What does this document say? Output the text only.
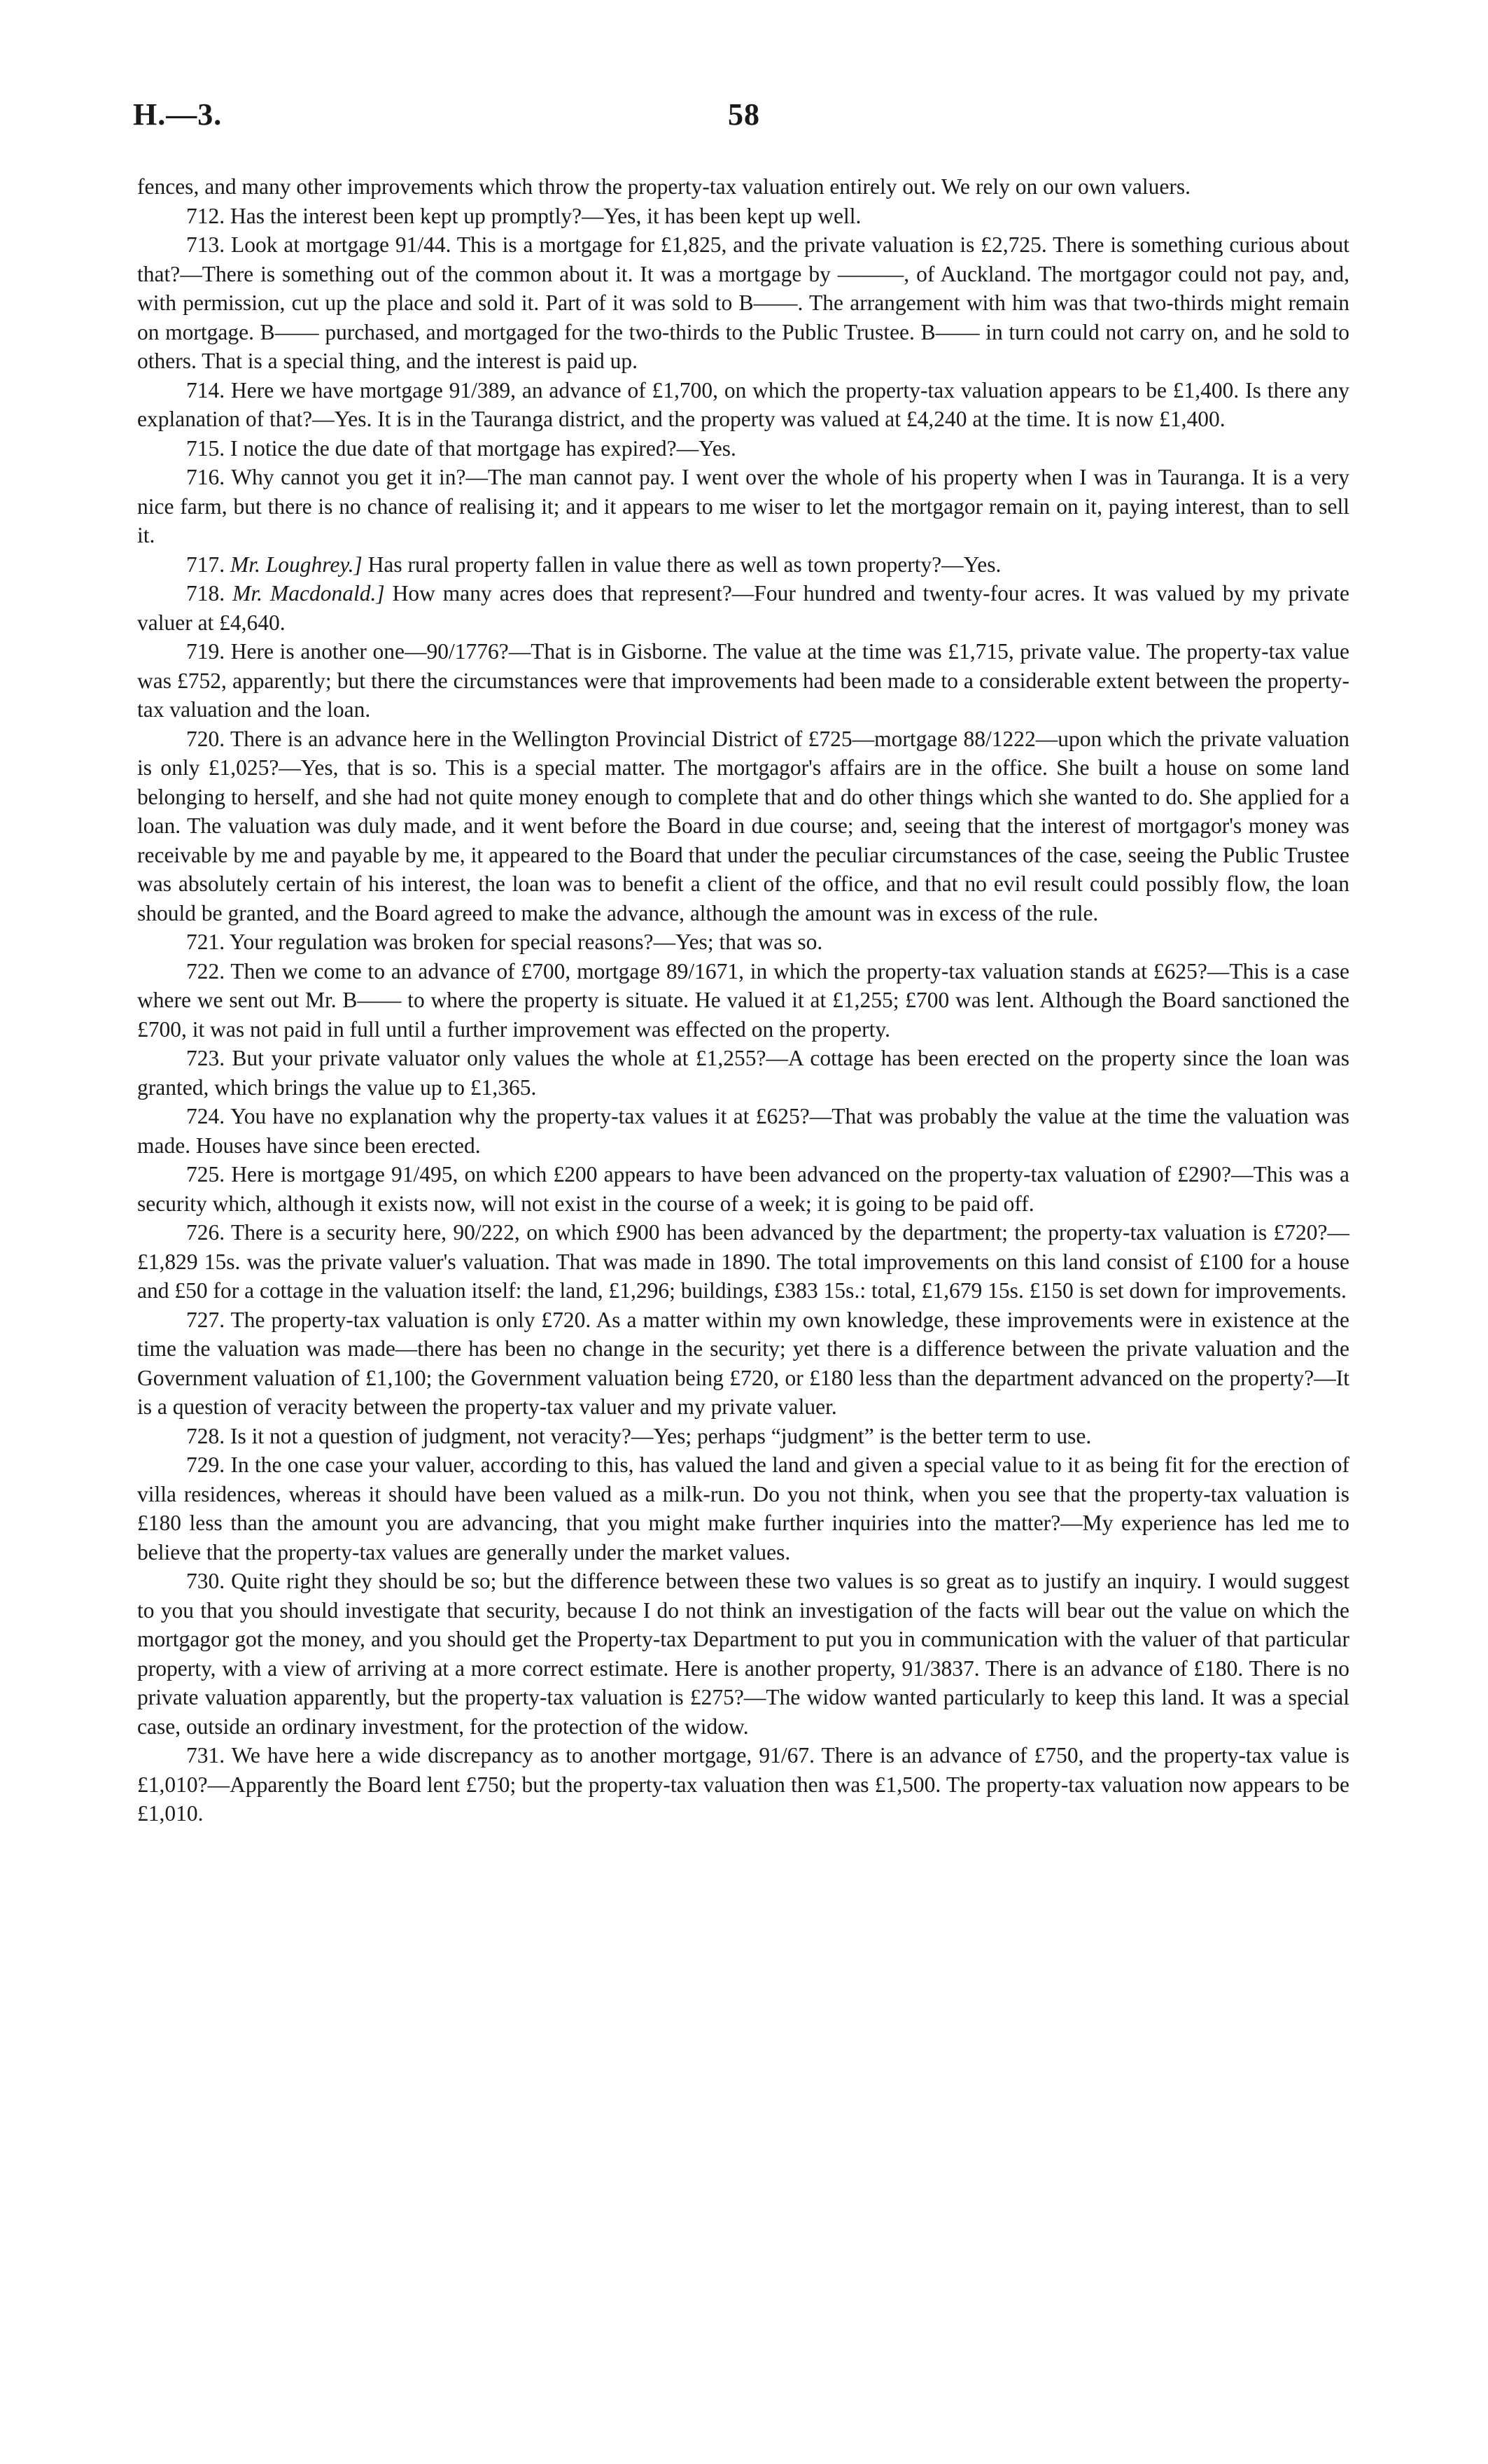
H.—3.	58

fences, and many other improvements which throw the property-tax valuation entirely out. We rely on our own valuers.

712. Has the interest been kept up promptly?—Yes, it has been kept up well.

713. Look at mortgage 91/44. This is a mortgage for £1,825, and the private valuation is £2,725. There is something curious about that?—There is something out of the common about it. It was a mortgage by ———, of Auckland. The mortgagor could not pay, and, with permission, cut up the place and sold it. Part of it was sold to B——. The arrangement with him was that two-thirds might remain on mortgage. B—— purchased, and mortgaged for the two-thirds to the Public Trustee. B—— in turn could not carry on, and he sold to others. That is a special thing, and the interest is paid up.

714. Here we have mortgage 91/389, an advance of £1,700, on which the property-tax valuation appears to be £1,400. Is there any explanation of that?—Yes. It is in the Tauranga district, and the property was valued at £4,240 at the time. It is now £1,400.

715. I notice the due date of that mortgage has expired?—Yes.

716. Why cannot you get it in?—The man cannot pay. I went over the whole of his property when I was in Tauranga. It is a very nice farm, but there is no chance of realising it; and it appears to me wiser to let the mortgagor remain on it, paying interest, than to sell it.

717. Mr. Loughrey.] Has rural property fallen in value there as well as town property?—Yes.

718. Mr. Macdonald.] How many acres does that represent?—Four hundred and twenty-four acres. It was valued by my private valuer at £4,640.

719. Here is another one—90/1776?—That is in Gisborne. The value at the time was £1,715, private value. The property-tax value was £752, apparently; but there the circumstances were that improvements had been made to a considerable extent between the property-tax valuation and the loan.

720. There is an advance here in the Wellington Provincial District of £725—mortgage 88/1222—upon which the private valuation is only £1,025?—Yes, that is so. This is a special matter. The mortgagor's affairs are in the office. She built a house on some land belonging to herself, and she had not quite money enough to complete that and do other things which she wanted to do. She applied for a loan. The valuation was duly made, and it went before the Board in due course; and, seeing that the interest of mortgagor's money was receivable by me and payable by me, it appeared to the Board that under the peculiar circumstances of the case, seeing the Public Trustee was absolutely certain of his interest, the loan was to benefit a client of the office, and that no evil result could possibly flow, the loan should be granted, and the Board agreed to make the advance, although the amount was in excess of the rule.

721. Your regulation was broken for special reasons?—Yes; that was so.

722. Then we come to an advance of £700, mortgage 89/1671, in which the property-tax valuation stands at £625?—This is a case where we sent out Mr. B—— to where the property is situate. He valued it at £1,255; £700 was lent. Although the Board sanctioned the £700, it was not paid in full until a further improvement was effected on the property.

723. But your private valuator only values the whole at £1,255?—A cottage has been erected on the property since the loan was granted, which brings the value up to £1,365.

724. You have no explanation why the property-tax values it at £625?—That was probably the value at the time the valuation was made. Houses have since been erected.

725. Here is mortgage 91/495, on which £200 appears to have been advanced on the property-tax valuation of £290?—This was a security which, although it exists now, will not exist in the course of a week; it is going to be paid off.

726. There is a security here, 90/222, on which £900 has been advanced by the department; the property-tax valuation is £720?—£1,829 15s. was the private valuer's valuation. That was made in 1890. The total improvements on this land consist of £100 for a house and £50 for a cottage in the valuation itself: the land, £1,296; buildings, £383 15s.: total, £1,679 15s. £150 is set down for improvements.

727. The property-tax valuation is only £720. As a matter within my own knowledge, these improvements were in existence at the time the valuation was made—there has been no change in the security; yet there is a difference between the private valuation and the Government valuation of £1,100; the Government valuation being £720, or £180 less than the department advanced on the property?—It is a question of veracity between the property-tax valuer and my private valuer.

728. Is it not a question of judgment, not veracity?—Yes; perhaps “judgment” is the better term to use.

729. In the one case your valuer, according to this, has valued the land and given a special value to it as being fit for the erection of villa residences, whereas it should have been valued as a milk-run. Do you not think, when you see that the property-tax valuation is £180 less than the amount you are advancing, that you might make further inquiries into the matter?—My experience has led me to believe that the property-tax values are generally under the market values.

730. Quite right they should be so; but the difference between these two values is so great as to justify an inquiry. I would suggest to you that you should investigate that security, because I do not think an investigation of the facts will bear out the value on which the mortgagor got the money, and you should get the Property-tax Department to put you in communication with the valuer of that particular property, with a view of arriving at a more correct estimate. Here is another property, 91/3837. There is an advance of £180. There is no private valuation apparently, but the property-tax valuation is £275?—The widow wanted particularly to keep this land. It was a special case, outside an ordinary investment, for the protection of the widow.

731. We have here a wide discrepancy as to another mortgage, 91/67. There is an advance of £750, and the property-tax value is £1,010?—Apparently the Board lent £750; but the property-tax valuation then was £1,500. The property-tax valuation now appears to be £1,010.
